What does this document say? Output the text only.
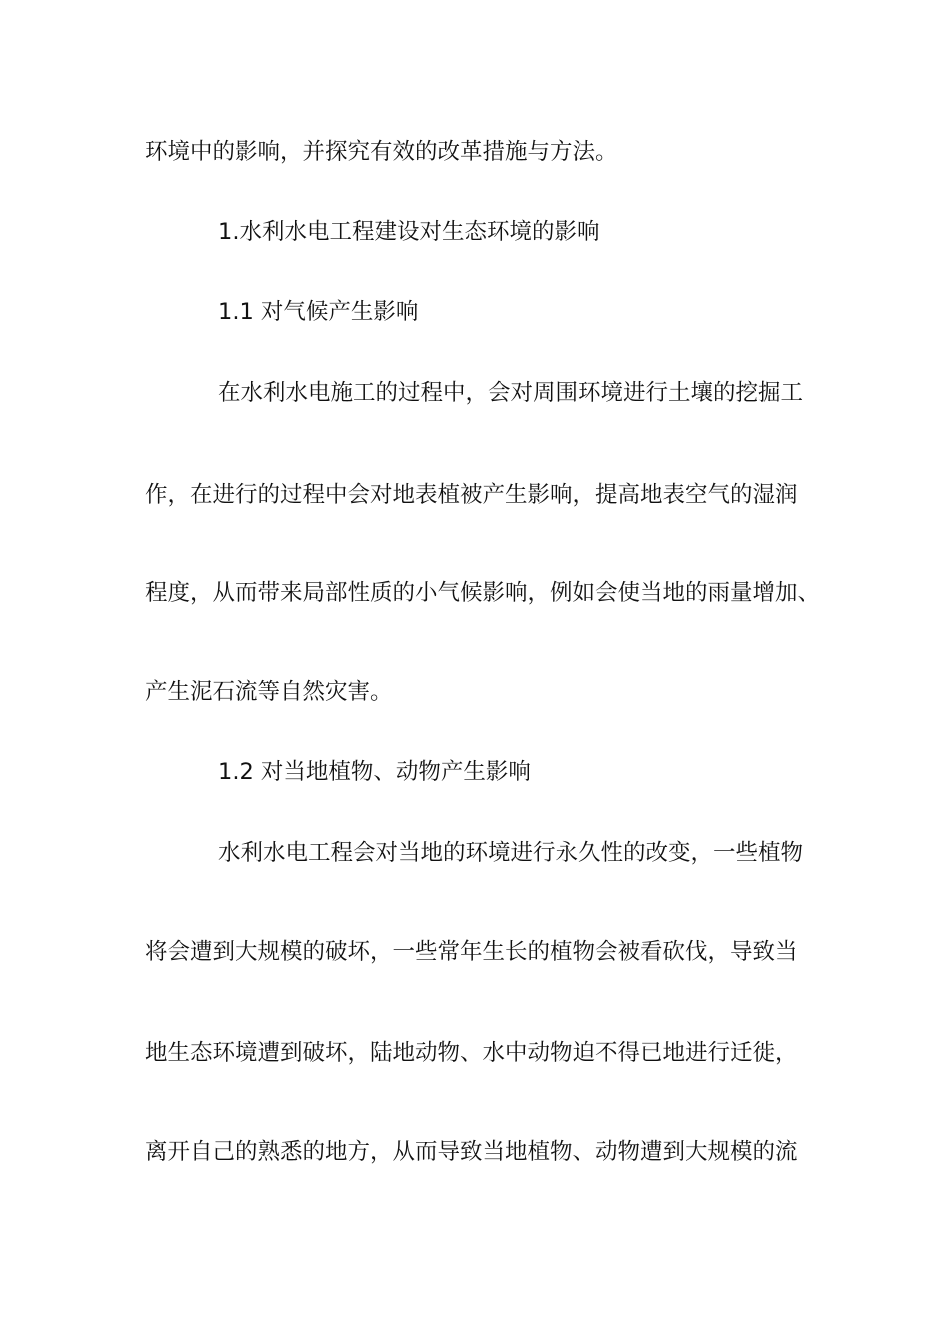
环境中的影响，并探究有效的改革措施与方法。
1.水利水电工程建设对生态环境的影响
1.1 对气候产生影响
在水利水电施工的过程中，会对周围环境进行土壤的挖掘工
作，在进行的过程中会对地表植被产生影响，提高地表空气的湿润
程度，从而带来局部性质的小气候影响，例如会使当地的雨量增加、
产生泥石流等自然灾害。
1.2 对当地植物、动物产生影响
水利水电工程会对当地的环境进行永久性的改变，一些植物
将会遭到大规模的破坏，一些常年生长的植物会被看砍伐，导致当
地生态环境遭到破坏，陆地动物、水中动物迫不得已地进行迁徙，
离开自己的熟悉的地方，从而导致当地植物、动物遭到大规模的流
